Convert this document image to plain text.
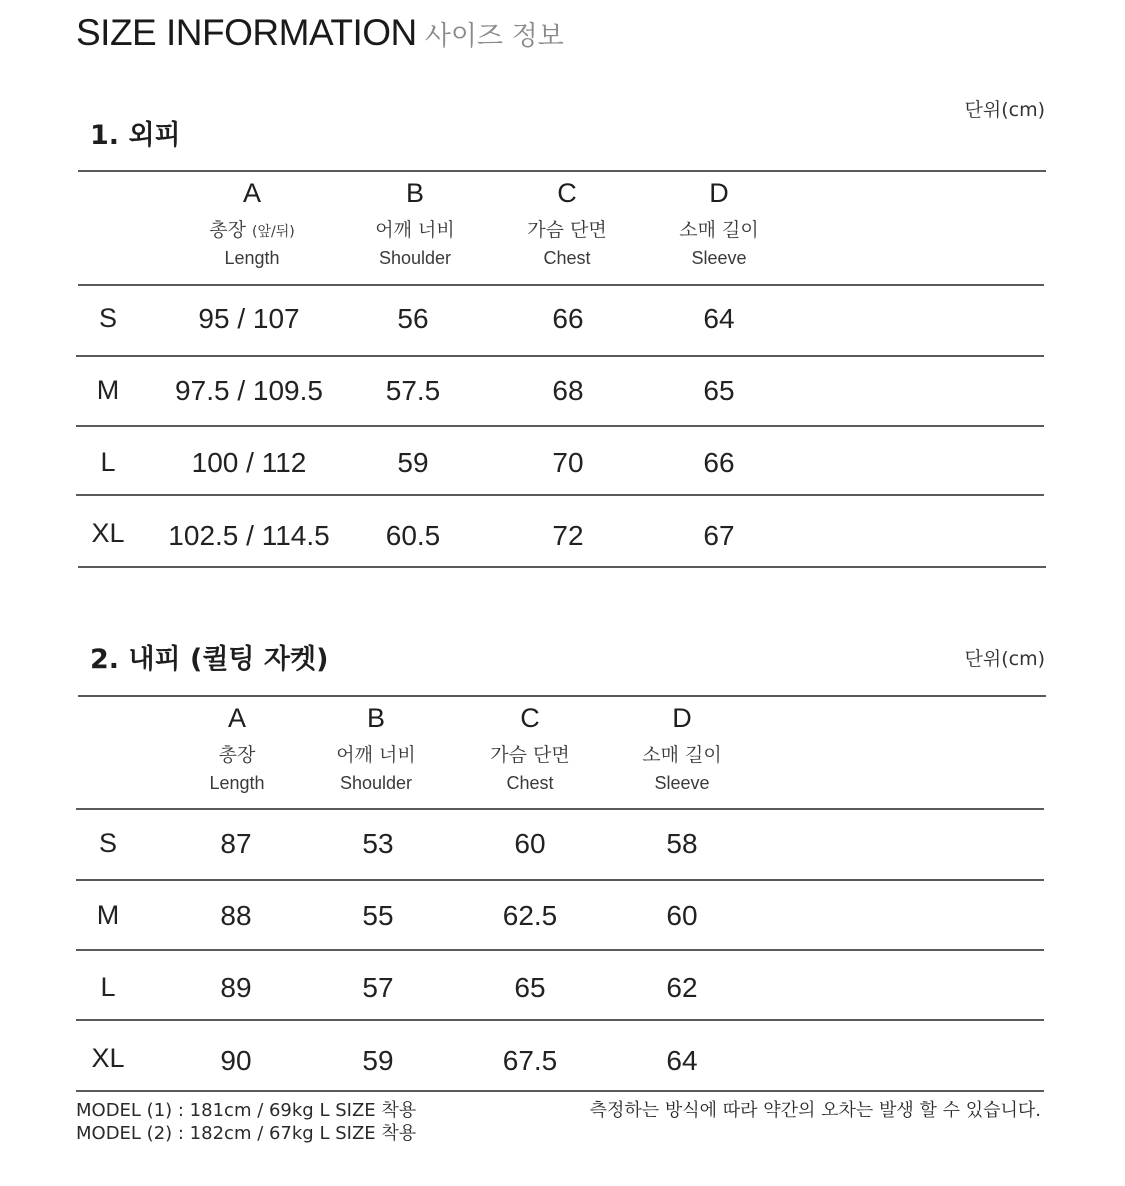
SIZE INFORMATION 사이즈 정보
1. 외피
단위(cm)
A
총장 (앞/뒤)
Length
B
어깨 너비
Shoulder
C
가슴 단면
Chest
D
소매 길이
Sleeve
S	95 / 107	56	66	64
M	97.5 / 109.5	57.5	68	65
L	100 / 112	59	70	66
XL	102.5 / 114.5	60.5	72	67
2. 내피 (퀼팅 자켓)	단위(cm)
A
총장
Length
B
어깨 너비
Shoulder
C
가슴 단면
Chest
D
소매 길이
Sleeve
S	87	53	60	58
M	88	55	62.5	60
L	89	57	65	62
XL	90	59	67.5	64
MODEL (1) : 181cm / 69kg L SIZE 착용
MODEL (2) : 182cm / 67kg L SIZE 착용
측정하는 방식에 따라 약간의 오차는 발생 할 수 있습니다.
